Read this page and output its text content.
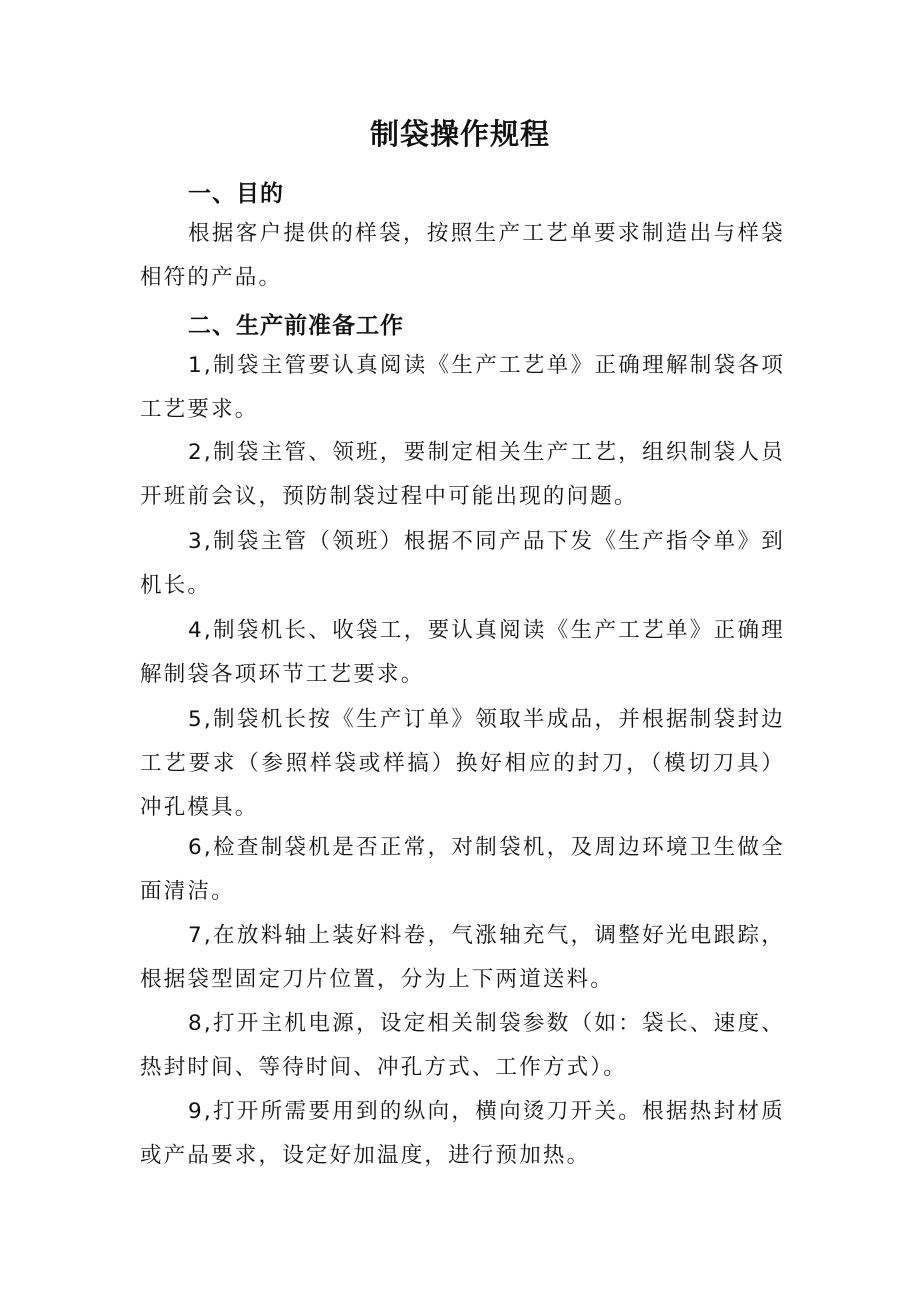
制袋操作规程
一、目的
根据客户提供的样袋，按照生产工艺单要求制造出与样袋相符的产品。
二、生产前准备工作
1,制袋主管要认真阅读《生产工艺单》正确理解制袋各项工艺要求。
2,制袋主管、领班，要制定相关生产工艺，组织制袋人员开班前会议，预防制袋过程中可能出现的问题。
3,制袋主管（领班）根据不同产品下发《生产指令单》到机长。
4,制袋机长、收袋工，要认真阅读《生产工艺单》正确理解制袋各项环节工艺要求。
5,制袋机长按《生产订单》领取半成品，并根据制袋封边工艺要求（参照样袋或样搞）换好相应的封刀，（模切刀具）冲孔模具。
6,检查制袋机是否正常，对制袋机，及周边环境卫生做全面清洁。
7,在放料轴上装好料卷，气涨轴充气，调整好光电跟踪，根据袋型固定刀片位置，分为上下两道送料。
8,打开主机电源，设定相关制袋参数（如：袋长、速度、热封时间、等待时间、冲孔方式、工作方式）。
9,打开所需要用到的纵向，横向烫刀开关。根据热封材质或产品要求，设定好加温度，进行预加热。
